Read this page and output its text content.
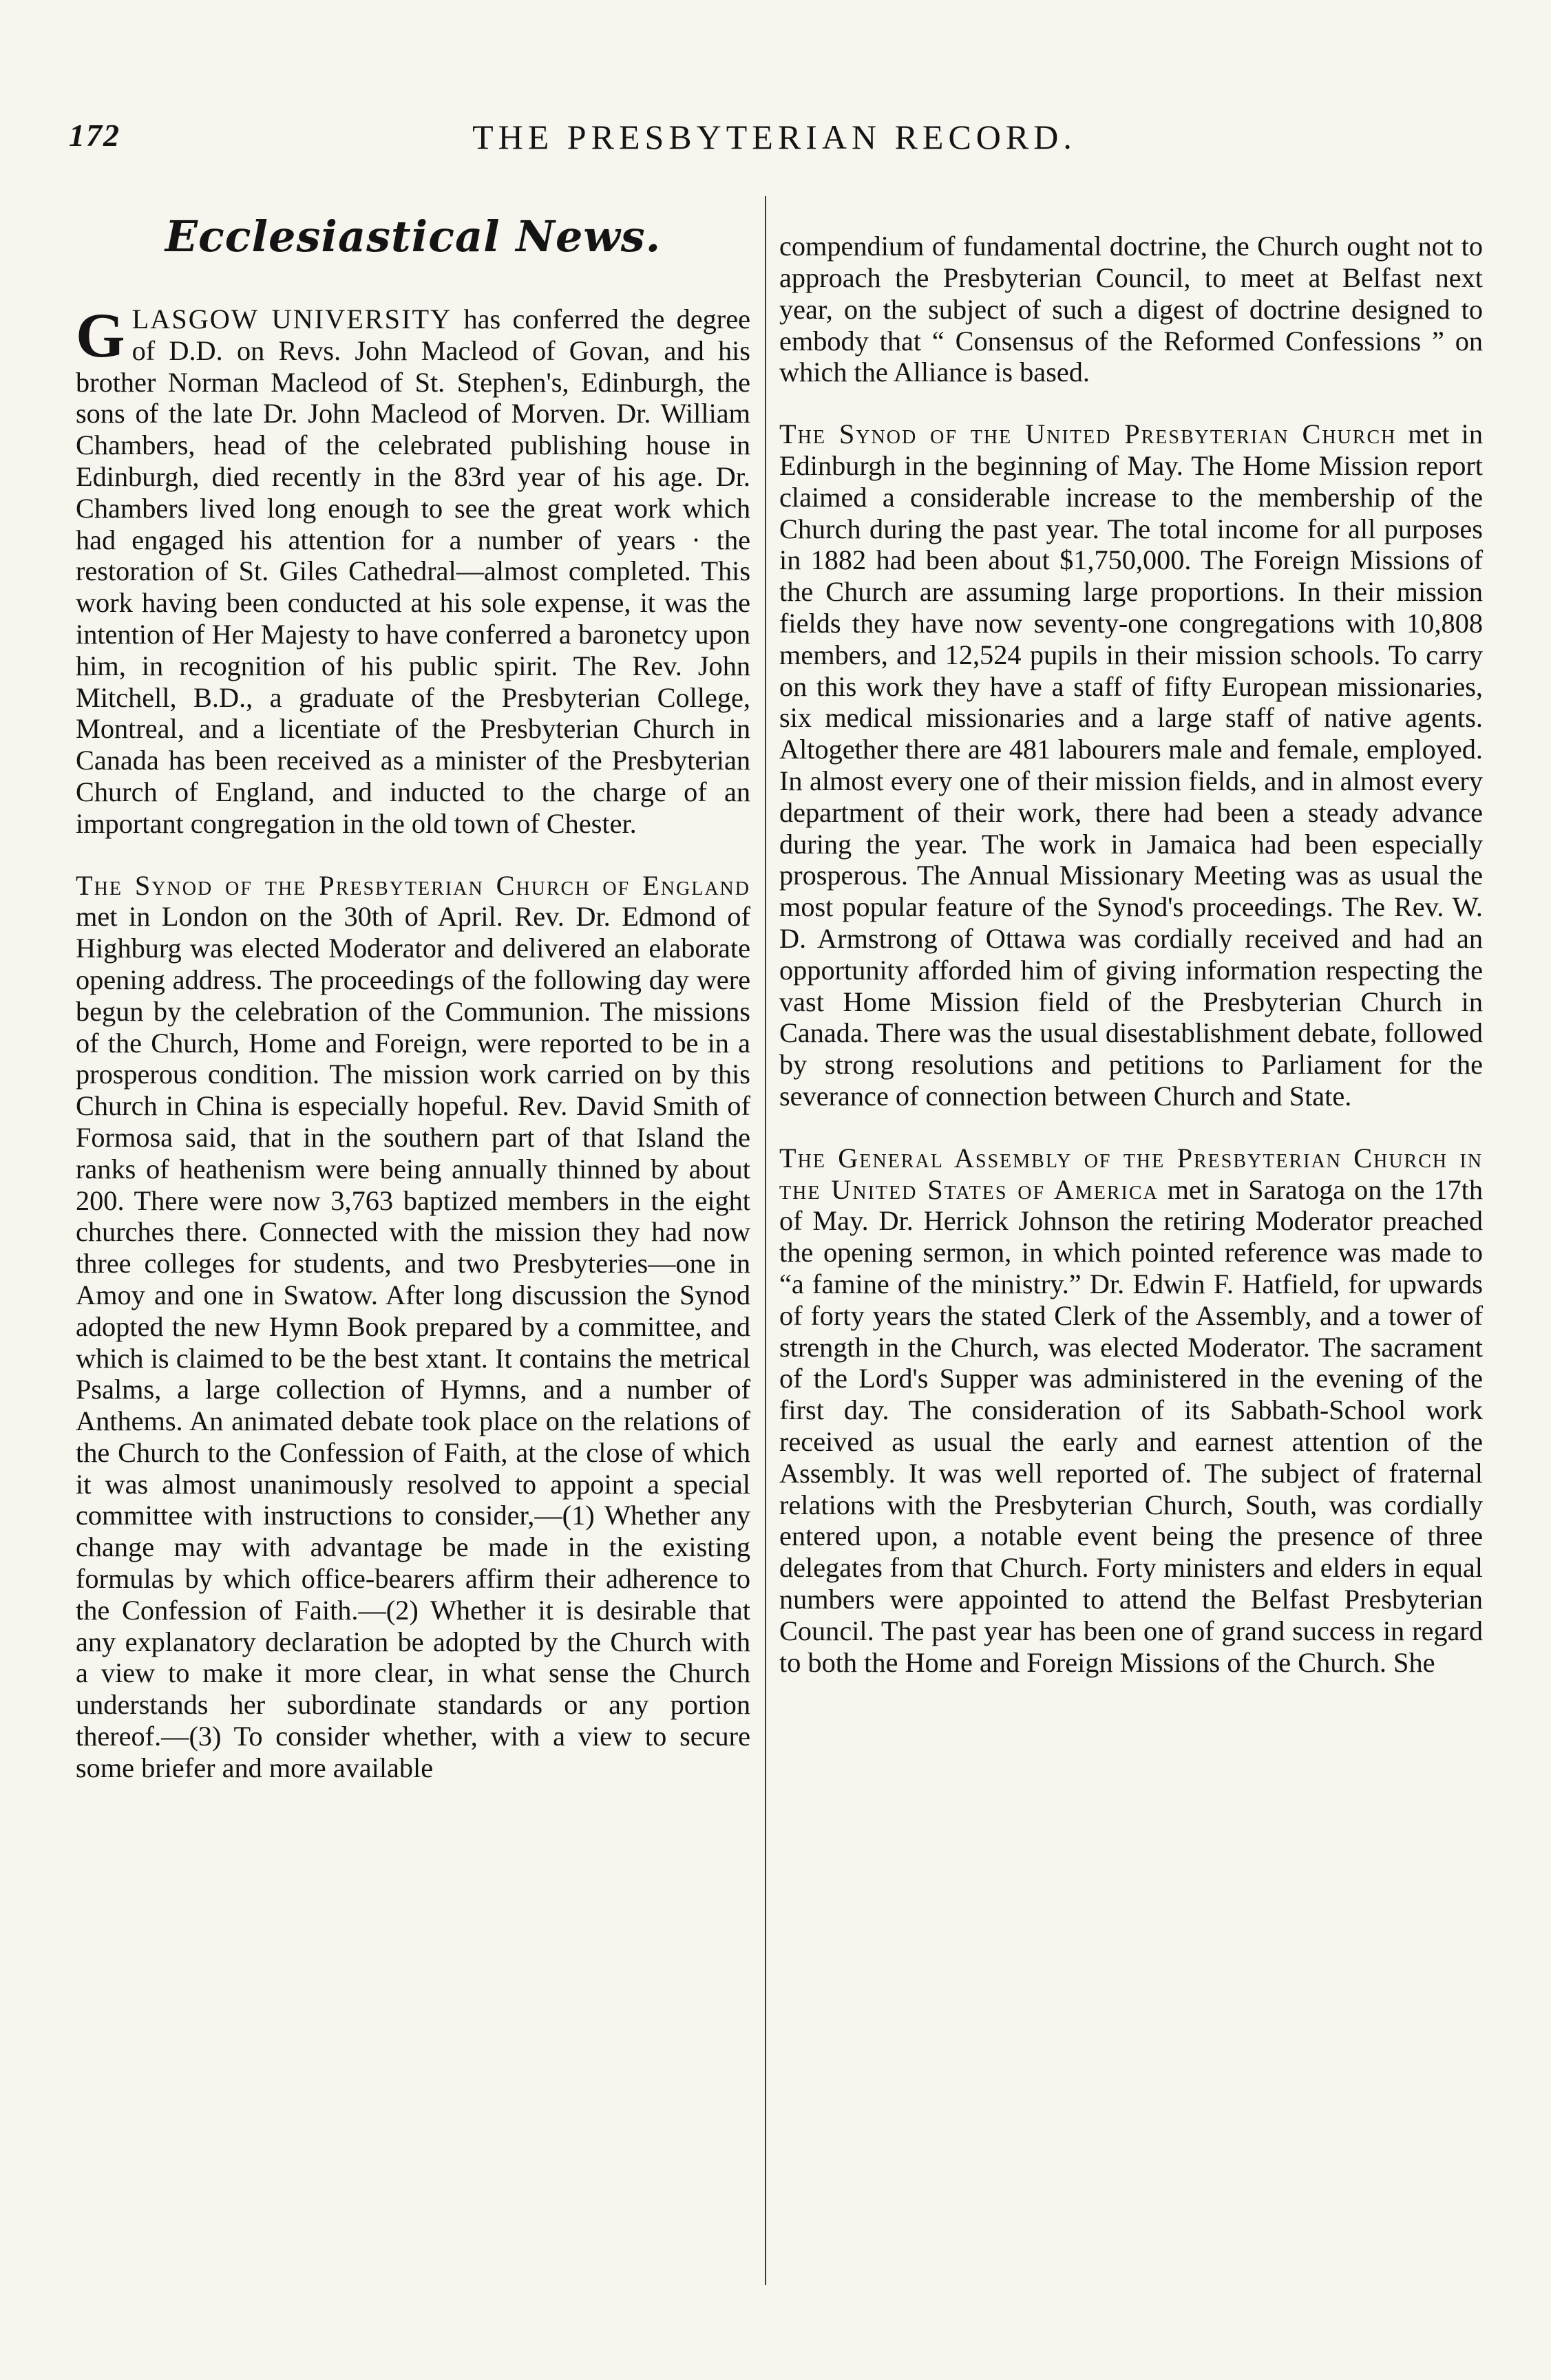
172	THE PRESBYTERIAN RECORD.
Ecclesiastical News.

GLASGOW UNIVERSITY has conferred the degree of D.D. on Revs. John Macleod of Govan, and his brother Norman Macleod of St. Stephen's, Edinburgh, the sons of the late Dr. John Macleod of Morven. Dr. William Chambers, head of the celebrated publishing house in Edinburgh, died recently in the 83rd year of his age. Dr. Chambers lived long enough to see the great work which had engaged his attention for a number of years · the restoration of St. Giles Cathedral—almost completed. This work having been conducted at his sole expense, it was the intention of Her Majesty to have conferred a baronetcy upon him, in recognition of his public spirit. The Rev. John Mitchell, B.D., a graduate of the Presbyterian College, Montreal, and a licentiate of the Presbyterian Church in Canada has been received as a minister of the Presbyterian Church of England, and inducted to the charge of an important congregation in the old town of Chester.

The Synod of the Presbyterian Church of England met in London on the 30th of April. Rev. Dr. Edmond of Highburg was elected Moderator and delivered an elaborate opening address. The proceedings of the following day were begun by the celebration of the Communion. The missions of the Church, Home and Foreign, were reported to be in a prosperous condition. The mission work carried on by this Church in China is especially hopeful. Rev. David Smith of Formosa said, that in the southern part of that Island the ranks of heathenism were being annually thinned by about 200. There were now 3,763 baptized members in the eight churches there. Connected with the mission they had now three colleges for students, and two Presbyteries—one in Amoy and one in Swatow. After long discussion the Synod adopted the new Hymn Book prepared by a committee, and which is claimed to be the best xtant. It contains the metrical Psalms, a large collection of Hymns, and a number of Anthems. An animated debate took place on the relations of the Church to the Confession of Faith, at the close of which it was almost unanimously resolved to appoint a special committee with instructions to consider,—(1) Whether any change may with advantage be made in the existing formulas by which office-bearers affirm their adherence to the Confession of Faith.—(2) Whether it is desirable that any explanatory declaration be adopted by the Church with a view to make it more clear, in what sense the Church understands her subordinate standards or any portion thereof.—(3) To consider whether, with a view to secure some briefer and more available

compendium of fundamental doctrine, the Church ought not to approach the Presbyterian Council, to meet at Belfast next year, on the subject of such a digest of doctrine designed to embody that “ Consensus of the Reformed Confessions ” on which the Alliance is based.

The Synod of the United Presbyterian Church met in Edinburgh in the beginning of May. The Home Mission report claimed a considerable increase to the membership of the Church during the past year. The total income for all purposes in 1882 had been about $1,750,000. The Foreign Missions of the Church are assuming large proportions. In their mission fields they have now seventy-one congregations with 10,808 members, and 12,524 pupils in their mission schools. To carry on this work they have a staff of fifty European missionaries, six medical missionaries and a large staff of native agents. Altogether there are 481 labourers male and female, employed. In almost every one of their mission fields, and in almost every department of their work, there had been a steady advance during the year. The work in Jamaica had been especially prosperous. The Annual Missionary Meeting was as usual the most popular feature of the Synod's proceedings. The Rev. W. D. Armstrong of Ottawa was cordially received and had an opportunity afforded him of giving information respecting the vast Home Mission field of the Presbyterian Church in Canada. There was the usual disestablishment debate, followed by strong resolutions and petitions to Parliament for the severance of connection between Church and State.

The General Assembly of the Presbyterian Church in the United States of America met in Saratoga on the 17th of May. Dr. Herrick Johnson the retiring Moderator preached the opening sermon, in which pointed reference was made to “a famine of the ministry.” Dr. Edwin F. Hatfield, for upwards of forty years the stated Clerk of the Assembly, and a tower of strength in the Church, was elected Moderator. The sacrament of the Lord's Supper was administered in the evening of the first day. The consideration of its Sabbath-School work received as usual the early and earnest attention of the Assembly. It was well reported of. The subject of fraternal relations with the Presbyterian Church, South, was cordially entered upon, a notable event being the presence of three delegates from that Church. Forty ministers and elders in equal numbers were appointed to attend the Belfast Presbyterian Council. The past year has been one of grand success in regard to both the Home and Foreign Missions of the Church. She
